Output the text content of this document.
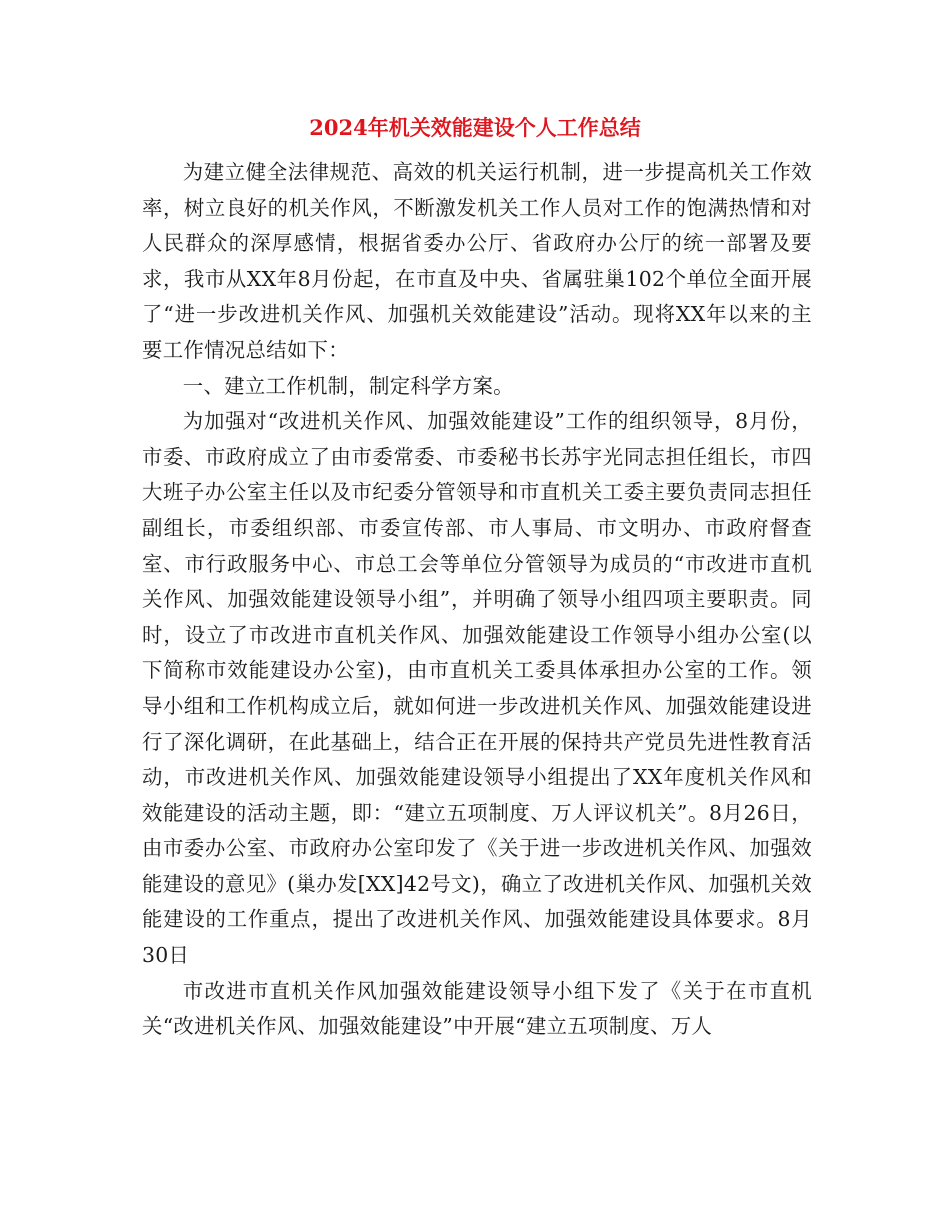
2024年机关效能建设个人工作总结

为建立健全法律规范、高效的机关运行机制，进一步提高机关工作效率，树立良好的机关作风，不断激发机关工作人员对工作的饱满热情和对人民群众的深厚感情，根据省委办公厅、省政府办公厅的统一部署及要求，我市从XX年8月份起，在市直及中央、省属驻巢102个单位全面开展了“进一步改进机关作风、加强机关效能建设”活动。现将XX年以来的主要工作情况总结如下：

一、建立工作机制，制定科学方案。

为加强对“改进机关作风、加强效能建设”工作的组织领导，8月份，市委、市政府成立了由市委常委、市委秘书长苏宇光同志担任组长，市四大班子办公室主任以及市纪委分管领导和市直机关工委主要负责同志担任副组长，市委组织部、市委宣传部、市人事局、市文明办、市政府督查室、市行政服务中心、市总工会等单位分管领导为成员的“市改进市直机关作风、加强效能建设领导小组”，并明确了领导小组四项主要职责。同时，设立了市改进市直机关作风、加强效能建设工作领导小组办公室(以下简称市效能建设办公室)，由市直机关工委具体承担办公室的工作。领导小组和工作机构成立后，就如何进一步改进机关作风、加强效能建设进行了深化调研，在此基础上，结合正在开展的保持共产党员先进性教育活动，市改进机关作风、加强效能建设领导小组提出了XX年度机关作风和效能建设的活动主题，即：“建立五项制度、万人评议机关”。8月26日，由市委办公室、市政府办公室印发了《关于进一步改进机关作风、加强效能建设的意见》(巢办发[XX]42号文)，确立了改进机关作风、加强机关效能建设的工作重点，提出了改进机关作风、加强效能建设具体要求。8月30日

市改进市直机关作风加强效能建设领导小组下发了《关于在市直机关“改进机关作风、加强效能建设”中开展“建立五项制度、万人
